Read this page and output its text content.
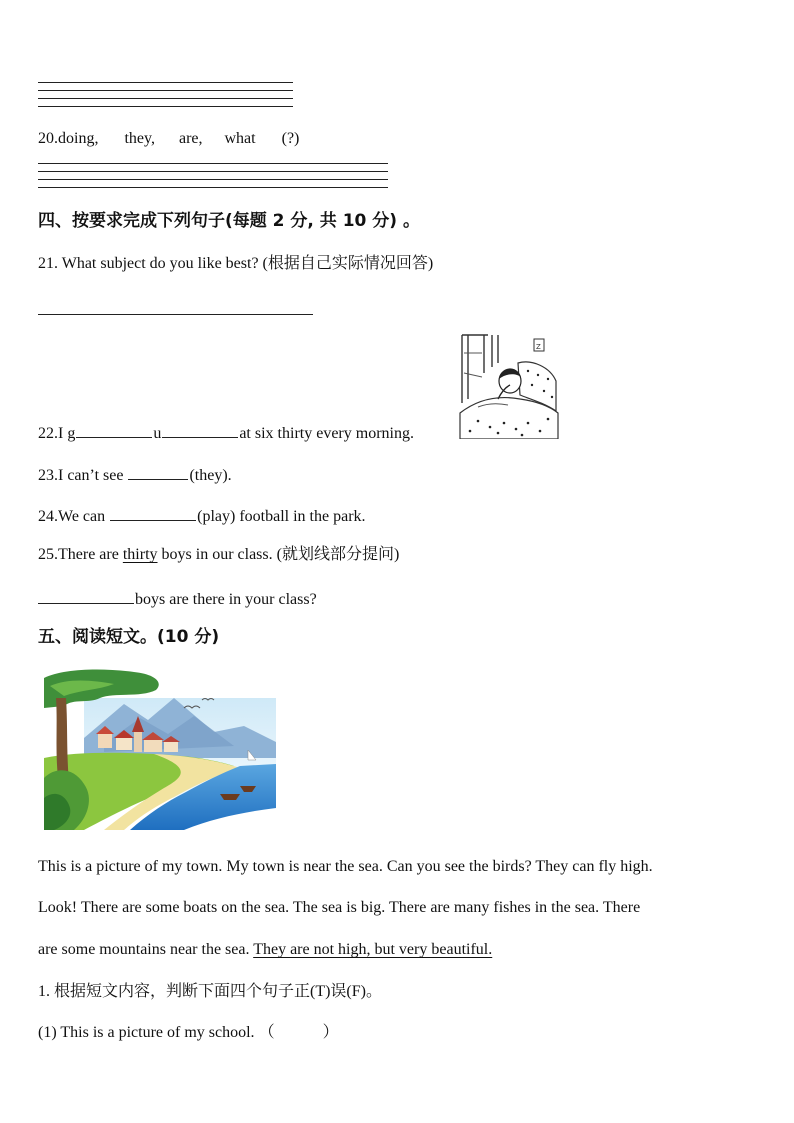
20.doing, they, are, what (?)
四、按要求完成下列句子(每题 2 分, 共 10 分) 。
21. What subject do you like best? (根据自己实际情况回答)
Z
22.I g	u	at six thirty every morning.
23.I can’t see	(they).
24.We can	(play) football in the park.
25.There are thirty boys in our class. (就划线部分提问)
boys are there in your class?
五、阅读短文。(10 分)
This is a picture of my town. My town is near the sea. Can you see the birds? They can fly high.
Look! There are some boats on the sea. The sea is big. There are many fishes in the sea. There
are some mountains near the sea. They are not high, but very beautiful.
1. 根据短文内容，判断下面四个句子正(T)误(F)。
(1) This is a picture of my school. （	）
